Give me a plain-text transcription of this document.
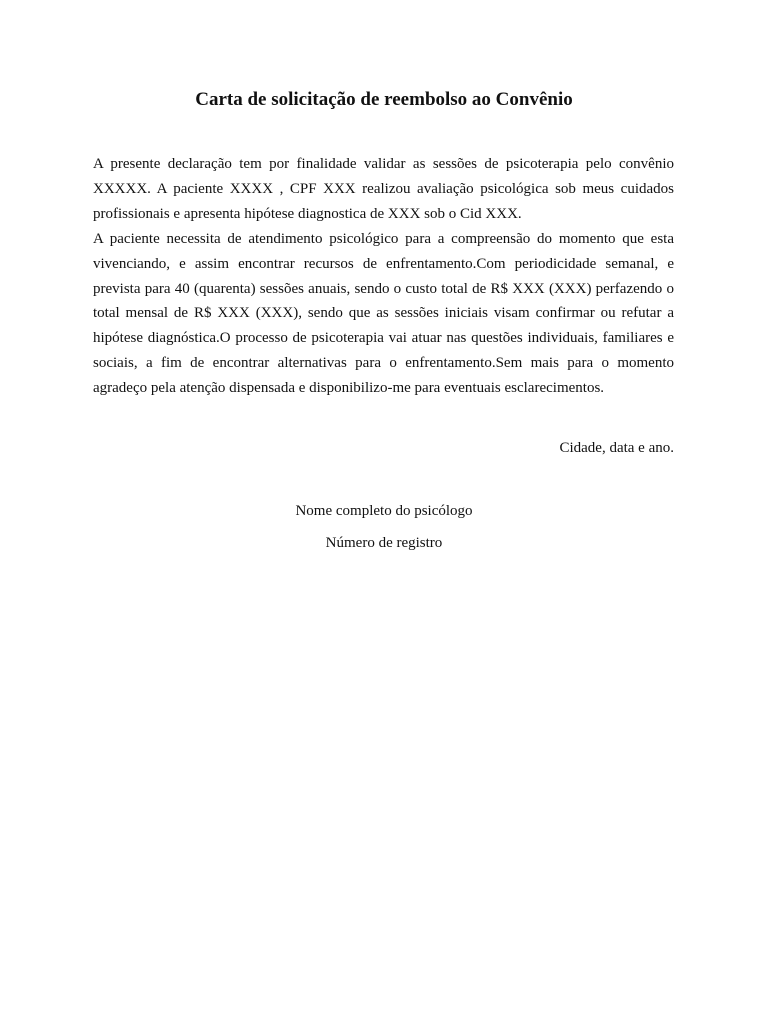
Carta de solicitação de reembolso ao Convênio

A presente declaração tem por finalidade validar as sessões de psicoterapia pelo convênio XXXXX. A paciente XXXX , CPF XXX realizou avaliação psicológica sob meus cuidados profissionais e apresenta hipótese diagnostica de XXX sob o Cid XXX.

A paciente necessita de atendimento psicológico para a compreensão do momento que esta vivenciando, e assim encontrar recursos de enfrentamento.Com periodicidade semanal, e prevista para 40 (quarenta) sessões anuais, sendo o custo total de R$ XXX (XXX) perfazendo o total mensal de R$ XXX (XXX), sendo que as sessões iniciais visam confirmar ou refutar a hipótese diagnóstica.O processo de psicoterapia vai atuar nas questões individuais, familiares e sociais, a fim de encontrar alternativas para o enfrentamento.Sem mais para o momento agradeço pela atenção dispensada e disponibilizo-me para eventuais esclarecimentos.

Cidade, data e ano.

Nome completo do psicólogo
Número de registro
